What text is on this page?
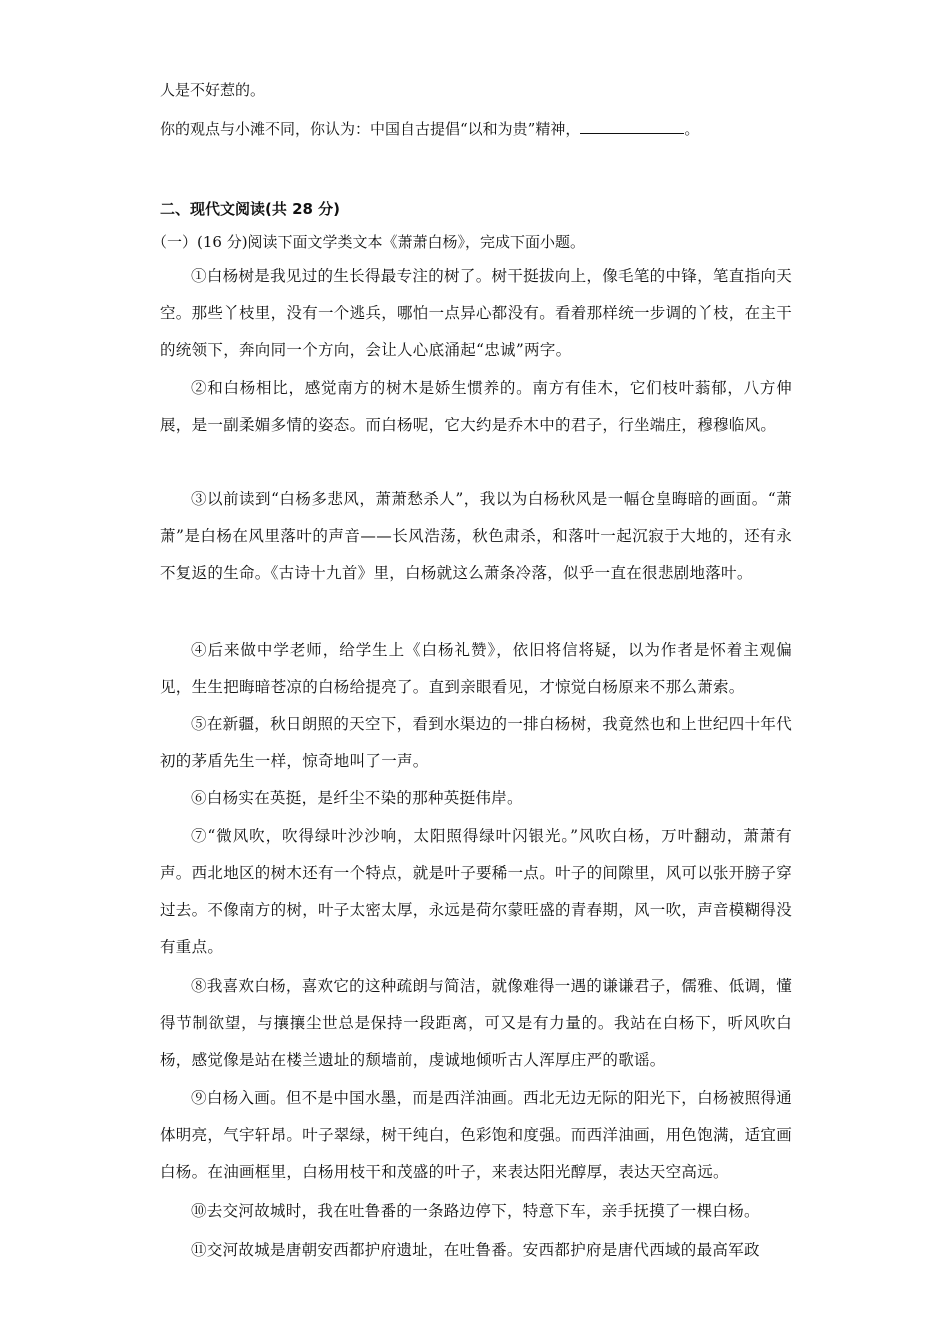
人是不好惹的。
你的观点与小滩不同，你认为：中国自古提倡“以和为贵”精神，	。
二、现代文阅读(共 28 分)
（一）(16 分)阅读下面文学类文本《萧萧白杨》，完成下面小题。
①白杨树是我见过的生长得最专注的树了。树干挺拔向上，像毛笔的中锋，笔直指向天空。那些丫枝里，没有一个逃兵，哪怕一点异心都没有。看着那样统一步调的丫枝，在主干的统领下，奔向同一个方向，会让人心底涌起“忠诚”两字。
②和白杨相比，感觉南方的树木是娇生惯养的。南方有佳木，它们枝叶蓊郁，八方伸展，是一副柔媚多情的姿态。而白杨呢，它大约是乔木中的君子，行坐端庄，穆穆临风。
③以前读到“白杨多悲风，萧萧愁杀人”，我以为白杨秋风是一幅仓皇晦暗的画面。“萧萧”是白杨在风里落叶的声音——长风浩荡，秋色肃杀，和落叶一起沉寂于大地的，还有永不复返的生命。《古诗十九首》里，白杨就这么萧条冷落，似乎一直在很悲剧地落叶。
④后来做中学老师，给学生上《白杨礼赞》，依旧将信将疑，以为作者是怀着主观偏见，生生把晦暗苍凉的白杨给提亮了。直到亲眼看见，才惊觉白杨原来不那么萧索。
⑤在新疆，秋日朗照的天空下，看到水渠边的一排白杨树，我竟然也和上世纪四十年代初的茅盾先生一样，惊奇地叫了一声。
⑥白杨实在英挺，是纤尘不染的那种英挺伟岸。
⑦“微风吹，吹得绿叶沙沙响，太阳照得绿叶闪银光。”风吹白杨，万叶翻动，萧萧有声。西北地区的树木还有一个特点，就是叶子要稀一点。叶子的间隙里，风可以张开膀子穿过去。不像南方的树，叶子太密太厚，永远是荷尔蒙旺盛的青春期，风一吹，声音模糊得没有重点。
⑧我喜欢白杨，喜欢它的这种疏朗与简洁，就像难得一遇的谦谦君子，儒雅、低调，懂得节制欲望，与攘攘尘世总是保持一段距离，可又是有力量的。我站在白杨下，听风吹白杨，感觉像是站在楼兰遗址的颓墙前，虔诚地倾听古人浑厚庄严的歌谣。
⑨白杨入画。但不是中国水墨，而是西洋油画。西北无边无际的阳光下，白杨被照得通体明亮，气宇轩昂。叶子翠绿，树干纯白，色彩饱和度强。而西洋油画，用色饱满，适宜画白杨。在油画框里，白杨用枝干和茂盛的叶子，来表达阳光醇厚，表达天空高远。
⑩去交河故城时，我在吐鲁番的一条路边停下，特意下车，亲手抚摸了一棵白杨。
⑪交河故城是唐朝安西都护府遗址，在吐鲁番。安西都护府是唐代西域的最高军政
